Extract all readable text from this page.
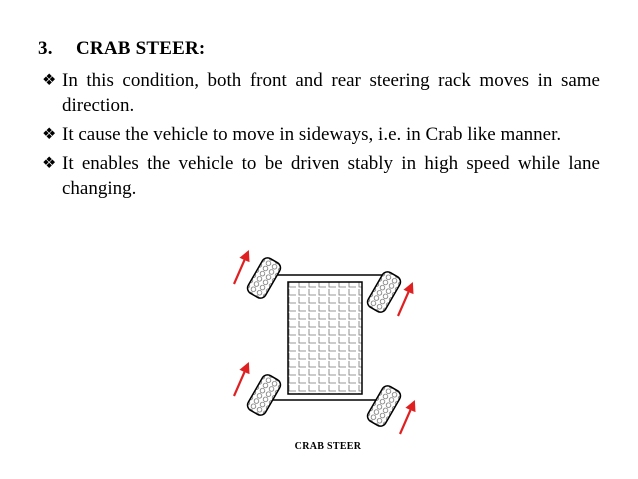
3. CRAB STEER:
❖ In this condition, both front and rear steering rack moves in same direction.
❖ It cause the vehicle to move in sideways, i.e. in Crab like manner.
❖ It enables the vehicle to be driven stably in high speed while lane changing.
CRAB STEER
